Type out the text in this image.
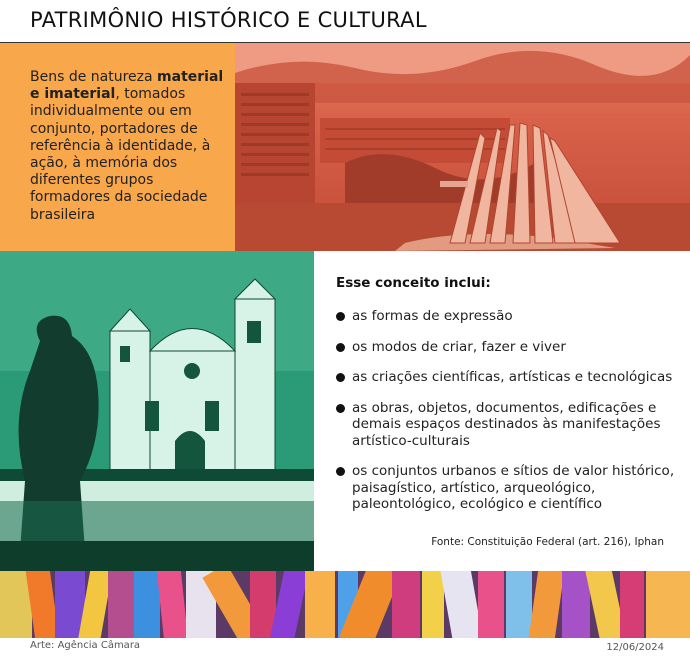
PATRIMÔNIO HISTÓRICO E CULTURAL
Bens de natureza material e imaterial, tomados individualmente ou em conjunto, portadores de referência à identidade, à ação, à memória dos diferentes grupos formadores da sociedade brasileira
Esse conceito inclui:
as formas de expressão
os modos de criar, fazer e viver
as criações científicas, artísticas e tecnológicas
as obras, objetos, documentos, edificações e demais espaços destinados às manifestações artístico-culturais
os conjuntos urbanos e sítios de valor histórico, paisagístico, artístico, arqueológico, paleontológico, ecológico e científico
Fonte: Constituição Federal (art. 216), Iphan
Arte: Agência Câmara	12/06/2024
